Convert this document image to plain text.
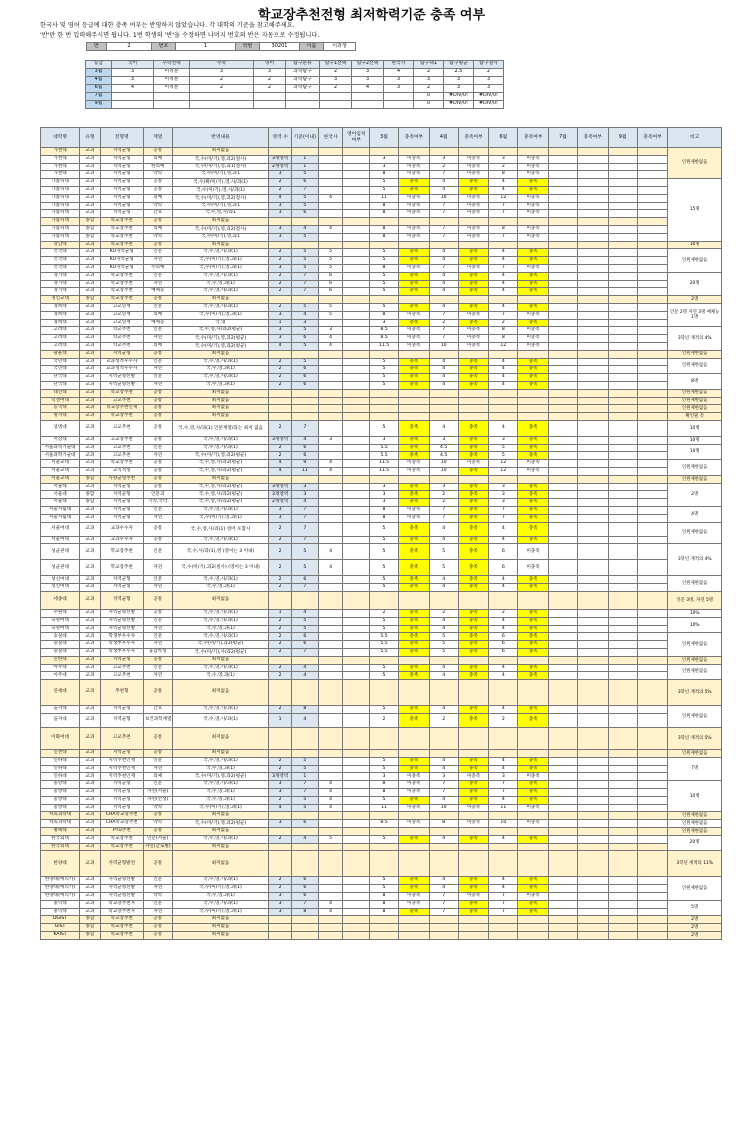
학교장추천전형 최저학력기준 충족 여부
한국사 및 영어 등급에 대한 충족 여부는 반영하지 않았습니다. 각 대학의 기준을 참고해주세요.
'반'란 한 번 입력해주시면 됩니다. 1번 학생의 '반'을 수정하면 나머지 번호의 반은 자동으로 수정됩니다.
반	2	번호	1	학번	30201	이름	이과생
등급	국어	수학선택	수학	영어	탐구분류	탐구1선택	탐구2선택	한국사	탐구택1	탐구평균	탐구절사
3월	3	미적분	3	3	과학탐구	2	3	4	2	2.5	2
4월	3	미적분	2	2	과학탐구	3	3	3	3	3	3
6월	4	미적분	2	2	과학탐구	2	4	3	2	3	3
7월									0	#DIV/0!	#DIV/0!
9월									0	#DIV/0!	#DIV/0!
대학명	유형	전형명	계열	반영내용	영역 수	기준(이내)	한국사	영어임치 여부	3월	충족여부	4월	충족여부	6월	충족여부	7월	충족여부	9월	충족여부	비고
가천대	교과	지역균형	공통	최저없음															인원제한없음
가천대	교과	지역균형	의예	국,수(미/기),영,과2(절사)	3개영역	1			3	미충족	3	미충족	3	미충족					
가천대	교과	지역균형	한의예	국,수(미/기),영,과1(절사)	2개영역	1			3	미충족	2	미충족	2	미충족					
가천대	교과	지역균형	약학	국,수(미/기),영,과1	3	5			8	미충족	7	미충족	8	미충족					
가톨릭대	교과	지역균형	공통	국,수(확/미/기),영,사/과(1)	2	6			5	충족	4	충족	4	충족					15명
가톨릭대	교과	지역균형	공통	국,수(미/기),영,사/과(1)	2	7			5	충족	4	충족	4	충족					
가톨릭대	교과	지역균형	의예	국,수(미/기),영,과2(절사)	4	5	4		11	미충족	10	미충족	12	미충족					
가톨릭대	교과	지역균형	약학	국,수(미/기),영,과1	3	5			8	미충족	7	미충족	7	미충족					
가톨릭대	교과	지역균형	간호	국,수,영,사/과1	3	6			8	미충족	7	미충족	7	미충족					
가톨릭대	종합	학교장추천	공통	최저없음															
가톨릭대	종합	학교장추천	의예	국,수(미/기),영,과2(절사)	3	4	4		8	미충족	7	미충족	8	미충족					
가톨릭대	종합	학교장추천	약학	국,수(미/기),영,과1	3	5			8	미충족	7	미충족	7	미충족					
강남대	교과	학교장추천	공통	최저없음															10명
건국대	교과	KU지역균형	인문	국,수,영,사/과(1)	2	5	5		5	충족	4	충족	4	충족					인원제한없음
건국대	교과	KU지역균형	자연	국,수(미/기),영,과(1)	2	5	5		5	충족	4	충족	4	충족					
건국대	교과	KU지역균형	수의예	국,수(미/기),영,과(1)	3	5	5		8	미충족	7	미충족	7	미충족					
경기대	교과	학교장추천	인문	국,수,영,사/과(1)	2	7	6		5	충족	4	충족	4	충족					20명
경기대	교과	학교장추천	자연	국,수,영,과(1)	2	7	6		5	충족	4	충족	4	충족					
경기대	교과	학교장추천	예체능	국,수,영,사/과(1)	2	7	6		5	충족	4	충족	4	충족					
경인교대	종합	학교장추천	공통	최저없음															2명
경희대	교과	고교연계	인문	국,수,영,사/과(1)	2	5	5		5	충족	4	충족	4	충족					인문 2명 자연 3명 예체능1명
경희대	교과	고교연계	의예	국,수(미/기),영,과(1)	3	4	5		8	미충족	7	미충족	7	미충족					
경희대	교과	고교연계	예체능	국,영	1	3			3	충족	2	충족	2	충족					
고려대	교과	학교추천	인문	국,수,영,사/과2(평균)	3	5	3		8.5	미충족	7	미충족	8	미충족					3학년 재적의 4%
고려대	교과	학교추천	자연	국,수(미/기),영,과2(평균)	3	6	4		8.5	미충족	7	미충족	8	미충족					
고려대	교과	학교추천	의예	국,수(미/기),영,과2(평균)	4	5	4		11.5	미충족	10	미충족	12	미충족					
광운대	교과	지역균형	공통	최저없음															인원제한없음
국민대	교과	교과성적우수자	인문	국,수,영,사/과(1)	2	5			5	충족	4	충족	4	충족					인원제한없음
국민대	교과	교과성적우수자	자연	국,수,영,과(1)	2	6			5	충족	4	충족	4	충족					
단국대	교과	지역균형선발	인문	국,수,영,사/과(1)	2	6			5	충족	4	충족	4	충족					8명
단국대	교과	지역균형선발	자연	국,수,영,과(1)	2	6			5	충족	4	충족	4	충족					
대진대	교과	학교장추천	공통	최저없음															인원제한없음
덕성여대	교과	고교추천	공통	최저없음															인원제한없음
동국대	교과	학교장추천인재	공통	최저없음															인원제한없음
명지대	교과	학교장추천	공통	최저없음															확인필 것
상명대	교과	고교추천	공통	국,수,영,사/과(1) 인문계열/과는 최저 없음	2	7			5	충족	4	충족	4	충족					10명
서강대	교과	고교장추천	공통	국,수,영,사/과(1)	3개영역	4	3		3	충족	3	충족	3	충족					10명
서울과학기술대	교과	고교추천	인문	국,수,영,사/과(1)	2	6			5.5	충족	4.5	충족	5	충족					10명
서울과학기술대	교과	고교추천	자연	국,수(미/기),영,과2(평균)	2	6			5.5	충족	4.5	충족	5	충족					
서울교대	교과	학교장추천	공통	국,수,영,사/과2(평균)	4	9	4		11.5	미충족	10	미충족	12	미충족					인원제한없음
서울교대	교과	교직적성	공통	국,수,영,사/과2(평균)	4	11	4		11.5	미충족	10	충족	12	미충족					
서울교대	종합	사향균형추천	공통	최저없음															인원제한없음
서울대	교과	지역균형	공통	국,수,영,사/과2(평균)	3개영역	3			3	충족	3	충족	3	충족					2명
서울대	종합	지역균형	인문과	국,수,영,사/과2(평균)	3개영역	3			3	충족	2	충족	3	충족					
서울대	종합	지역균형	기악,국악	국,수,영,사/과2(평균)	2개영역	4			3	충족	2	충족	3	충족					
서울시립대	교과	지역균형	인문	국,수,영,사/과(1)	3	7			8	미충족	7	충족	7	충족					4명
서울시립대	교과	지역균형	자연	국,수(미/기),영,과(1)	3	7			8	미충족	7	충족	7	충족					
서울여대	교과	교과우수자	공통	국,수,영,사/과(1) 영어 포함시	2	7			5	충족	4	충족	4	충족					인원제한없음
서울여대	교과	교과우수자	공통	국,수,영,사/과(1)	2	7			5	충족	4	충족	4	충족					
성균관대	교과	학교장추천	인문	국,수,사/과(1),영 (영어는 3 이내)	2	5	4		5	충족	5	충족	6	미충족					3학년 재적의 4%
성균관대	교과	학교장추천	자연	국,수(미/기),과2(절사) (영어는 3 이내)	2	5	4		5	충족	5	충족	6	미충족					
성신여대	교과	지역균형	인문	국,수,영,사/과(1)	2	6			5	충족	4	충족	4	충족					인원제한없음
성신여대	교과	지역균형	자연	국,수,영,과(1)	2	7			5	충족	4	충족	4	충족					
세종대	교과	지역균형	공통	최저없음															인문 3명, 자연 5명
수원대	교과	지역균형선발	공통	국,수,영,사/과(1)	1	4			2	충족	2	충족	2	충족					10%
숙명여대	교과	지역균형선발	인문	국,수,영,사/과(1)	2	5			5	충족	4	충족	4	충족					10%
숙명여대	교과	지역균형선발	자연	국,수,영,과(1)	2	5			5	충족	4	충족	4	충족					
숭실대	교과	학생부우수자	인문	국,수,영,사/과(1)	2	6			5.5	충족	5	충족	6	충족					인원제한없음
숭실대	교과	학생부우수자	자연	국,수(미/기),과2(평균)	2	6			5.5	충족	5	충족	6	충족					
숭실대	교과	학생부우수자	융합특성	국,수(미/기),사/과2(평균)	2	7			5.5	충족	5	충족	6	충족					
신한대	교과	지역균형	공통	최저없음															인원제한없음
아주대	교과	고교추천	인문	국,수,영,사/과(1)	2	4			5	충족	4	충족	4	충족					인원제한없음
아주대	교과	고교추천	자연	국,수,영,과(1)	2	4			5	충족	4	충족	4	충족					
연세대	교과	추천형	공통	최저없음															3학년 재적의 5%
을지대	교과	지역균형	간호	국,수,영,사/과(1)	2	8			5	충족	4	충족	4	충족					인원제한없음
을지대	교과	지역균형	보건과학계열	국,수,영,사/과(1)	1	4			2	충족	2	충족	2	충족					
이화여대	교과	고교추천	공통	최저없음															3학년 재적의 5%
인천대	교과	지역균형	공통	최저없음															인원제한없음
인하대	교과	지역추천인재	인문	국,수,영,사/과(1)	2	5			5	충족	4	충족	4	충족					7명
인하대	교과	지역추천인재	자연	국,수,영,과(1)	2	5			5	충족	4	충족	4	충족					
인하대	교과	지역추천인재	의예	국,수(미/기),영,과2(평균)	3개영역	1			3	미충족	3	미충족	3	미충족					
중앙대	교과	지역균형	인문	국,수,영,사/과(1)	3	7	4		8	미충족	7	충족	7	충족					10명
중앙대	교과	지역균형	자연(서울)	국,수,영,과(1)	3	7	4		8	미충족	7	충족	7	충족					
중앙대	교과	지역균형	자연(안성)	국,수,영,과(1)	2	5	4		5	충족	4	충족	4	충족					
중앙대	교과	지역균형	약학	국,수(미/기),영,과(1)	4	5	4		11	미충족	10	미충족	11	미충족					
차의과학대	교과	CHA학교장추천	공통	최저없음															인원제한없음
차의과학대	교과	CHA학교장추천	약학	국,수(미/기),영,과2(평균)	3	6			8.5	미충족	8	미충족	10	미충족					인원제한없음
평택대	교과	PTU추천	공통	최저없음															인원제한없음
한국외대	교과	학교장추천	인문(서울)	국,수,영,사/과(1)	2	4	5		5	충족	4	충족	4	충족					20명
한국외대	교과	학교장추천	자연(글로벌)	최저없음															
한양대	교과	지역균형발전	공통	최저없음															3학년 재적의 11%
한양대(에리카)	교과	지역균형선발	인문	국,수,영,사/과(1)	2	6			5	충족	4	충족	4	충족					인원제한없음
한양대(에리카)	교과	지역균형선발	자연	국,수(미/기),영,과(1)	2	6			5	충족	4	충족	4	충족					
한양대(에리카)	교과	지역균형선발	약학	국,수,영,과(1)	3	6			8	미충족	7	미충족	7	미충족					
홍익대	교과	학교장추천자	인문	국,수,영,사/과(1)	3	7	4		8	미충족	7	충족	7	충족					5명
홍익대	교과	학교장추천자	자연	국,수(미/기),영,과(1)	3	8	4		8	충족	7	충족	7	충족					
DGIST	종합	학교장추천	공통	최저없음															2명
GIST	종합	학교장추천	공통	최저없음															2명
KAIST	종합	학교장추천	공통	최저없음															2명
